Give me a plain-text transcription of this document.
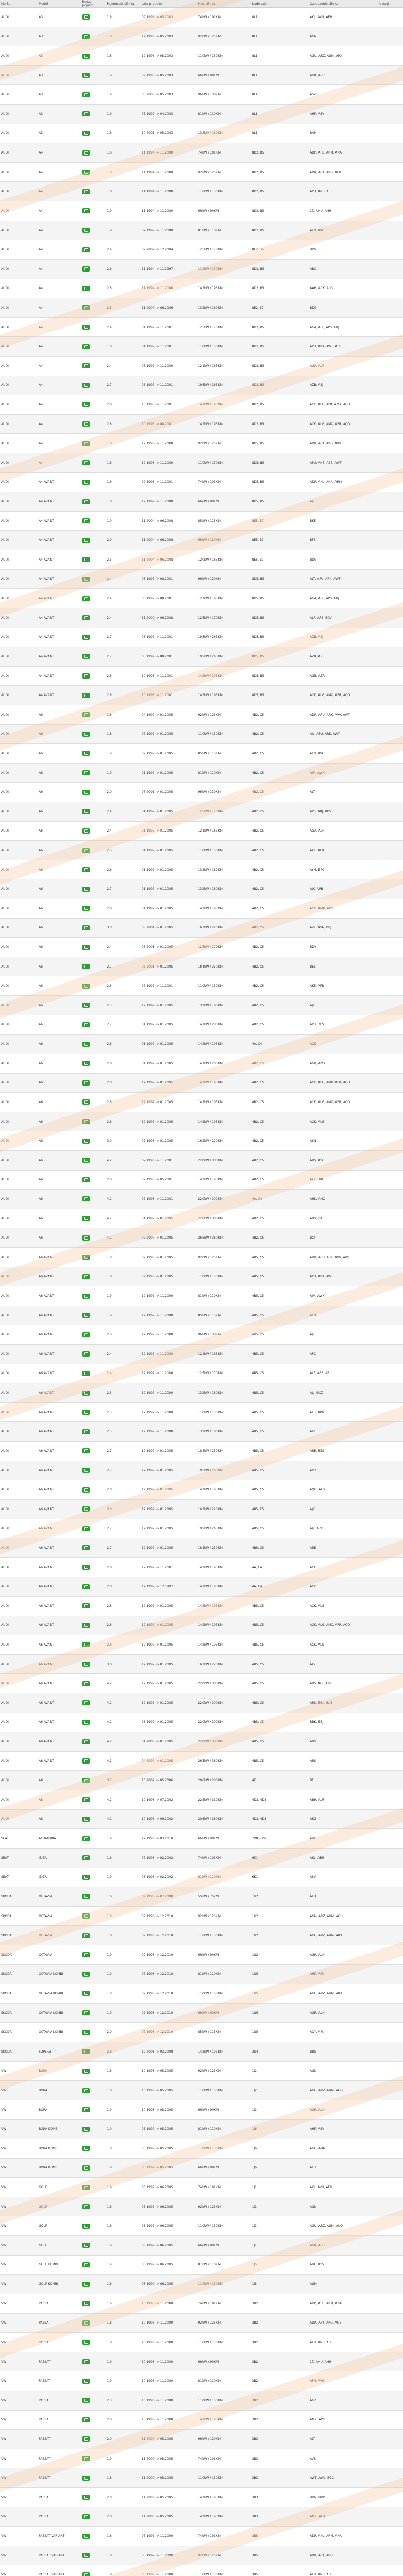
Marka	Model	Rodzaj pojazdu	Pojemność silnika	Lata produkcji	Moc silnika	Nadwozie	Oznaczenie silnika	Uwagi
AUDI	A3		1.6	09.1996 -> 05.2003	74kW / 101KM	8L1	AKL, AVU, AEH	
AUDI	A3		1.8	12.1996 -> 05.2003	92kW / 125KM	8L1	AGN	
AUDI	A3		1.8	12.1996 -> 05.2003	110kW / 150KM	8L1	AGU, ARZ, AUM, ARX	
AUDI	A3		1.9	09.1996 -> 05.2003	66kW / 90KM	8L1	AGR, ALH	
AUDI	A3		1.9	05.2000 -> 05.2003	96kW / 130KM	8L1	ASZ	
AUDI	A3		1.9	03.1999 -> 04.2003	81kW / 110KM	8L1	AHF, ASV	
AUDI	A3		1.8	10.2001 -> 05.2003	132kW / 180KM	8L1	BAM	
AUDI	A4		1.6	11.1994 -> 11.2000	74kW / 101KM	8D2, B5	ADP, AHL, ARM, ANA	
AUDI	A4		1.8	11.1994 -> 11.2000	92kW / 125KM	8D2, B5	ADR, APT, ARG, AEB	
AUDI	A4		1.8	11.1994 -> 11.2000	110kW / 150KM	8D2, B5	APU, ANB, AEB	
AUDI	A4		1.9	11.1994 -> 11.2000	66kW / 90KM	8D2, B5	1Z, AHU, AHH	
AUDI	A4		1.9	02.1997 -> 11.2000	81kW / 110KM	8D2, B5	AFN, AVG	
AUDI	A4		2.4	07.2002 -> 12.2004	125kW / 170KM	8E2, B6	BDV	
AUDI	A4		2.6	11.1994 -> 11.1997	110kW / 150KM	8D2, B5	ABC	
AUDI	A4		2.8	11.1994 -> 11.2000	142kW / 193KM	8D2, B5	AAH, ACK, ALG	
AUDI	A4		2.5	11.2000 -> 06.2006	132kW / 180KM	8E2, B7	BDG	
AUDI	A4		2.4	01.1997 -> 11.2001	125kW / 170KM	8D2, B5	AGA, ALF, APS, ARJ	
AUDI	A4		1.8	01.1997 -> 11.2001	110kW / 150KM	8D2, B5	APU, ARK, AWT, AEB	
AUDI	A4		2.4	06.1997 -> 11.2000	121kW / 165KM	8D2, B5	AGA, ALF	
AUDI	A4		2.7	06.1997 -> 11.2001	195kW / 265KM	8D2, B5	AZB, ASJ	
AUDI	A4		2.8	10.1995 -> 11.2001	142kW / 193KM	8D2, B5	ACK, ALG, APR, AMX, AQD	
AUDI	A4		2.8	10.1995 -> 08.2001	142kW / 193KM	8D2, B5	ACK, ALG, AMX, APR, AQD	
AUDI	A4		1.8	12.1996 -> 11.2000	92kW / 125KM	8D5, B5	ADR, APT, ARG, AVV	
AUDI	A4		1.8	12.1996 -> 11.2000	110kW / 150KM	8D5, B5	APU, ANB, AEB, AWT	
AUDI	A4 AVANT		1.6	02.1996 -> 11.2001	74kW / 101KM	8D5, B5	ADP, AHL, ANA, ARM	
AUDI	A4 AVANT		1.8	12.1997 -> 11.2000	66kW / 90KM	8D5, B5	AJL	
AUDI	A4 AVANT		1.9	11.2004 -> 06.2008	85kW / 115KM	8E5, B7	BKE	
AUDI	A4 AVANT		2.0	11.2004 -> 06.2008	96kW / 130KM	8E5, B7	BFB	
AUDI	A4 AVANT		2.5	11.2004 -> 06.2008	120kW / 163KM	8E5, B7	BDG	
AUDI	A4 AVANT		2.4	03.1997 -> 08.2001	96kW / 130KM	8D5, B5	ALT, APU, ARK, AWT	
AUDI	A4 AVANT		2.4	03.1997 -> 08.2001	121kW / 165KM	8D5, B5	AGA, ALF, APS, ARJ	
AUDI	A4 AVANT		2.4	11.2000 -> 06.2008	125kW / 170KM	8D5, B5	ALF, APS, BDV	
AUDI	A4 AVANT		2.7	06.1997 -> 11.2001	195kW / 265KM	8D5, B5	AZB, ASJ	
AUDI	A4 AVANT		2.7	05.1999 -> 08.2001	195kW / 265KM	8D5, B5	AZB, AZR	
AUDI	A4 AVANT		2.8	10.1995 -> 11.2001	142kW / 193KM	8D5, B5	AGB, AZR	
AUDI	A4 AVANT		2.8	10.1995 -> 11.2001	142kW / 193KM	8D5, B5	ACK, ALG, AMX, APR, AQD	
AUDI	A6		1.8	04.1997 -> 01.2005	92kW / 125KM	4B2, C5	ADR, APU, ARK, AVV, AWT	
AUDI	A6		1.8	07.1997 -> 01.2005	110kW / 150KM	4B2, C5	AJL, APU, ARK, AWT	
AUDI	A6		1.9	07.1997 -> 01.2005	85kW / 115KM	4B2, C5	AFN, AVG	
AUDI	A6		1.9	01.1997 -> 01.2005	81kW / 110KM	4B2, C5	AJM, AWX	
AUDI	A6		2.0	05.2001 -> 01.2005	96kW / 130KM	4B2, C5	ALT	
AUDI	A6		2.4	01.1997 -> 01.2005	125kW / 170KM	4B2, C5	APS, ARJ, BDV	
AUDI	A6		2.4	01.1997 -> 01.2005	121kW / 165KM	4B2, C5	AGA, ALF	
AUDI	A6		2.5	01.1997 -> 01.2005	110kW / 150KM	4B2, C5	AKE, AFB	
AUDI	A6		2.6	01.1997 -> 01.2005	132kW / 180KM	4B2, C5	AYM, BFC	
AUDI	A6		2.7	01.1997 -> 01.2005	132kW / 180KM	4B2, C5	AJK, APB	
AUDI	A6		2.8	01.1997 -> 01.2005	142kW / 193KM	4B2, C5	ACK, AMX, APR	
AUDI	A6		3.0	08.2001 -> 01.2005	162kW / 220KM	4B2, C5	AVK, ASN, BBJ	
AUDI	A6		2.4	08.2001 -> 01.2005	125kW / 170KM	4B2, C5	BDV	
AUDI	A6		2.7	08.2001 -> 01.2005	184kW / 250KM	4B2, C5	BES	
AUDI	A6		2.5	07.1997 -> 11.2001	110kW / 150KM	4B2, C5	AKE, AFB	
AUDI	A6		2.5	12.1997 -> 01.2005	132kW / 180KM	4B2, C5	AJK	
AUDI	A6		2.7	01.1997 -> 01.2005	147kW / 200KM	4B2, C5	APB, BES	
AUDI	A6		2.8	01.1997 -> 01.2005	142kW / 193KM	4A, C4	ACK	
AUDI	A6		2.8	01.1997 -> 01.2005	147kW / 200KM	4B2, C5	AGB, AMX	
AUDI	A6		2.8	12.1997 -> 01.2005	142kW / 193KM	4B2, C5	ACK, ALG, AMX, APR, AQD	
AUDI	A6		2.8	12.1997 -> 01.2005	142kW / 193KM	4B2, C5	ACK, ALG, AMX, APR, AQD	
AUDI	A6		2.8	12.1997 -> 01.2005	142kW / 193KM	4B2, C5	ACK, ALG	
AUDI	A6		3.0	07.1998 -> 01.2005	162kW / 220KM	4B2, C5	ASN	
AUDI	A6		4.2	07.1998 -> 11.2001	220kW / 300KM	4B2, C5	ARS, ASG	
AUDI	A6		2.8	07.1998 -> 05.2001	142kW / 193KM	4B2, C5	ATX, BBH	
AUDI	A6		4.2	07.1998 -> 11.2001	220kW / 300KM	4A, C4	AHK, AHC	
AUDI	A6		4.2	01.1999 -> 01.2005	220kW / 300KM	4B2, C5	ARS, BAT	
AUDI	A6		4.2	07.2000 -> 01.2005	265kW / 360KM	4B2, C5	BCY	
AUDI	A6 AVANT		1.8	07.1998 -> 01.2005	92kW / 125KM	4B5, C5	ADR, APU, ARK, AVV, AWT	
AUDI	A6 AVANT		1.8	07.1998 -> 01.2005	110kW / 150KM	4B5, C5	APU, ARK, AWT	
AUDI	A6 AVANT		1.9	12.1997 -> 11.2000	81kW / 110KM	4B5, C5	AJM, AWX	
AUDI	A6 AVANT		1.9	12.1997 -> 11.2000	85kW / 115KM	4B5, C5	AFN	
AUDI	A6 AVANT		2.0	12.1997 -> 11.2000	96kW / 130KM	4B5, C5	AJL	
AUDI	A6 AVANT		2.4	12.1997 -> 11.2000	121kW / 165KM	4B5, C5	APC	
AUDI	A6 AVANT		2.4	12.1997 -> 11.2000	125kW / 170KM	4B5, C5	ALF, APS, ARJ	
AUDI	A6 AVANT		2.5	12.1997 -> 11.2000	132kW / 180KM	4B5, C5	ALJ, BCZ	
AUDI	A6 AVANT		2.5	12.1997 -> 11.2000	110kW / 150KM	4B5, C5	AFB, AKN	
AUDI	A6 AVANT		2.5	12.1997 -> 11.2000	132kW / 180KM	4B5, C5	AKE	
AUDI	A6 AVANT		2.7	12.1997 -> 01.2005	184kW / 250KM	4B5, C5	ARE, BES	
AUDI	A6 AVANT		2.7	12.1997 -> 01.2005	195kW / 265KM	4B5, C5	APB	
AUDI	A6 AVANT		2.8	12.1997 -> 01.2005	142kW / 193KM	4B5, C5	AQD, ALG	
AUDI	A6 AVANT		3.0	12.1997 -> 01.2005	162kW / 220KM	4B5, C5	AJK	
AUDI	A6 AVANT		2.7	12.1997 -> 01.2005	195kW / 265KM	4B5, C5	AJK, AZB	
AUDI	A6 AVANT		2.7	12.1997 -> 01.2005	184kW / 250KM	4B5, C5	ARE	
AUDI	A6 AVANT		2.8	12.1997 -> 11.2001	142kW / 193KM	4A, C4	ACK	
AUDI	A6 AVANT		2.8	12.1997 -> 12.1997	142kW / 193KM	4A, C4	ACK	
AUDI	A6 AVANT		2.8	12.1997 -> 01.2005	142kW / 193KM	4B5, C5	ACK, ALG	
AUDI	A6 AVANT		2.8	12.1997 -> 01.2005	142kW / 193KM	4B5, C5	ACK, ALG, AMX, APR, AQD	
AUDI	A6 AVANT		2.8	12.1997 -> 01.2005	142kW / 193KM	4B5, C5	ACK, ALG	
AUDI	A6 AVANT		3.0	12.1997 -> 01.2005	162kW / 220KM	4B5, C5	ATX	
AUDI	A6 AVANT		4.2	12.1997 -> 01.2005	220kW / 300KM	4B5, C5	ARS, AQJ, ANK	
AUDI	A6 AVANT		4.2	12.1997 -> 01.2005	220kW / 300KM	4B5, C5	ARS, BBK, BAS	
AUDI	A6 AVANT		4.2	06.1999 -> 01.2005	220kW / 300KM	4B5, C5	BBK, BBJ	
AUDI	A6 AVANT		4.2	01.2000 -> 01.2005	220kW / 300KM	4B5, C5	ARS	
AUDI	A6 AVANT		4.2	04.2000 -> 01.2005	265kW / 360KM	4B5, C5	ARS	
AUDI	A8		3.7	10.2002 -> 05.2006	206kW / 280KM	4E_	BFL	
AUDI	A8		4.2	10.1998 -> 07.2002	228kW / 310KM	4D2, 4D8	ABH, AUF	
AUDI	A8		4.2	10.1996 -> 09.2002	206kW / 280KM	4D2, 4D8	AKG	
SEAT	ALHAMBRA		1.9	12.1996 -> 03.2010	66kW / 90KM	7V8, 7V9	AHU	
SEAT	IBIZA		1.6	06.1996 -> 02.2002	74kW / 101KM	6K1	AKL, AEH	
SEAT	IBIZA		1.9	06.1996 -> 02.2002	81kW / 110KM	6K1	ASV	
SKODA	OCTAVIA		1.6	09.1996 -> 07.2000	55kW / 75KM	1U2	AEH	
SKODA	OCTAVIA		1.8	09.1996 -> 12.2010	92kW / 125KM	1U2	AGN, ARZ, AUM, AGU	
SKODA	OCTAVIA		1.8	09.1996 -> 12.2010	110kW / 150KM	1U2	AGU, ARZ, AUM, ARX	
SKODA	OCTAVIA		1.9	09.1996 -> 12.2010	66kW / 90KM	1U2	AGR, ALH	
SKODA	OCTAVIA KOMBI		1.9	07.1998 -> 12.2010	81kW / 110KM	1U5	AHF, ASV	
SKODA	OCTAVIA KOMBI		1.8	07.1998 -> 12.2010	110kW / 150KM	1U5	AGU, ARZ, AUM, ARX	
SKODA	OCTAVIA KOMBI		1.9	07.1998 -> 12.2010	66kW / 90KM	1U5	AGR, ALH	
SKODA	OCTAVIA KOMBI		2.0	07.1998 -> 12.2010	85kW / 115KM	1U5	AQY, APK	
SKODA	SUPERB		2.8	12.2001 -> 03.2008	142kW / 193KM	3U4	BBG	
VW	BORA		1.8	10.1998 -> 05.2005	92kW / 125KM	1J2	AGN	
VW	BORA		1.8	10.1998 -> 05.2005	110kW / 150KM	1J2	AGU, ARZ, AUM, AUQ	
VW	BORA		1.9	10.1998 -> 05.2005	66kW / 90KM	1J2	AGR, ALH	
VW	BORA KOMBI		1.9	05.1999 -> 05.2005	81kW / 110KM	1J6	AHF, ASV	
VW	BORA KOMBI		1.8	05.1999 -> 05.2005	110kW / 150KM	1J6	AGU, AUM	
VW	BORA KOMBI		1.9	05.1999 -> 05.2005	66kW / 90KM	1J6	ALH	
VW	GOLF		1.6	08.1997 -> 06.2005	74kW / 101KM	1J1	AKL, AVU, AEH	
VW	GOLF		1.8	08.1997 -> 06.2005	92kW / 125KM	1J1	AGN	
VW	GOLF		1.8	08.1997 -> 06.2005	110kW / 150KM	1J1	AGU, ARZ, AUM, AUQ	
VW	GOLF		1.9	08.1997 -> 06.2005	66kW / 90KM	1J1	AGR, ALH	
VW	GOLF KOMBI		1.9	05.1999 -> 06.2005	81kW / 110KM	1J5	AHF, ASV	
VW	GOLF KOMBI		1.8	05.1999 -> 06.2005	110kW / 150KM	1J5	AUM	
VW	PASSAT		1.6	10.1996 -> 11.2000	74kW / 101KM	3B2	ADP, AHL, ARM, ANA	
VW	PASSAT		1.8	10.1996 -> 11.2000	92kW / 125KM	3B2	ADR, APT, ARG, ANB	
VW	PASSAT		1.8	10.1996 -> 11.2000	110kW / 150KM	3B2	AEB, ANB, APU	
VW	PASSAT		1.9	10.1996 -> 11.2000	66kW / 90KM	3B2	1Z, AHU, AHH	
VW	PASSAT		1.9	10.1996 -> 11.2000	81kW / 110KM	3B2	AFN, AVG	
VW	PASSAT		2.3	10.1996 -> 11.2000	110kW / 150KM	3B2	AGZ	
VW	PASSAT		2.8	10.1996 -> 11.2000	142kW / 193KM	3B2	AMX, APR	
VW	PASSAT		2.0	11.2000 -> 05.2005	96kW / 130KM	3B3	ALT	
VW	PASSAT		1.9	11.2000 -> 05.2005	74kW / 101KM	3B3	AVB	
VW	PASSAT		1.8	11.2000 -> 05.2005	110kW / 150KM	3B3	AWT, AWL, BGC	
VW	PASSAT		2.8	11.2000 -> 05.2005	142kW / 193KM	3B3	BDN, BDP	
VW	PASSAT		2.8	11.2000 -> 05.2005	142kW / 193KM	3B3	AMX, ATQ	
VW	PASSAT VARIANT		1.6	05.1997 -> 11.2000	74kW / 101KM	3B5	ADP, AHL, ARM, ANA	
VW	PASSAT VARIANT		1.8	05.1997 -> 11.2000	92kW / 125KM	3B5	ADR, APT, ARG	
VW	PASSAT VARIANT		1.8	05.1997 -> 11.2000	110kW / 150KM	3B5	AEB, ANB, APU	
